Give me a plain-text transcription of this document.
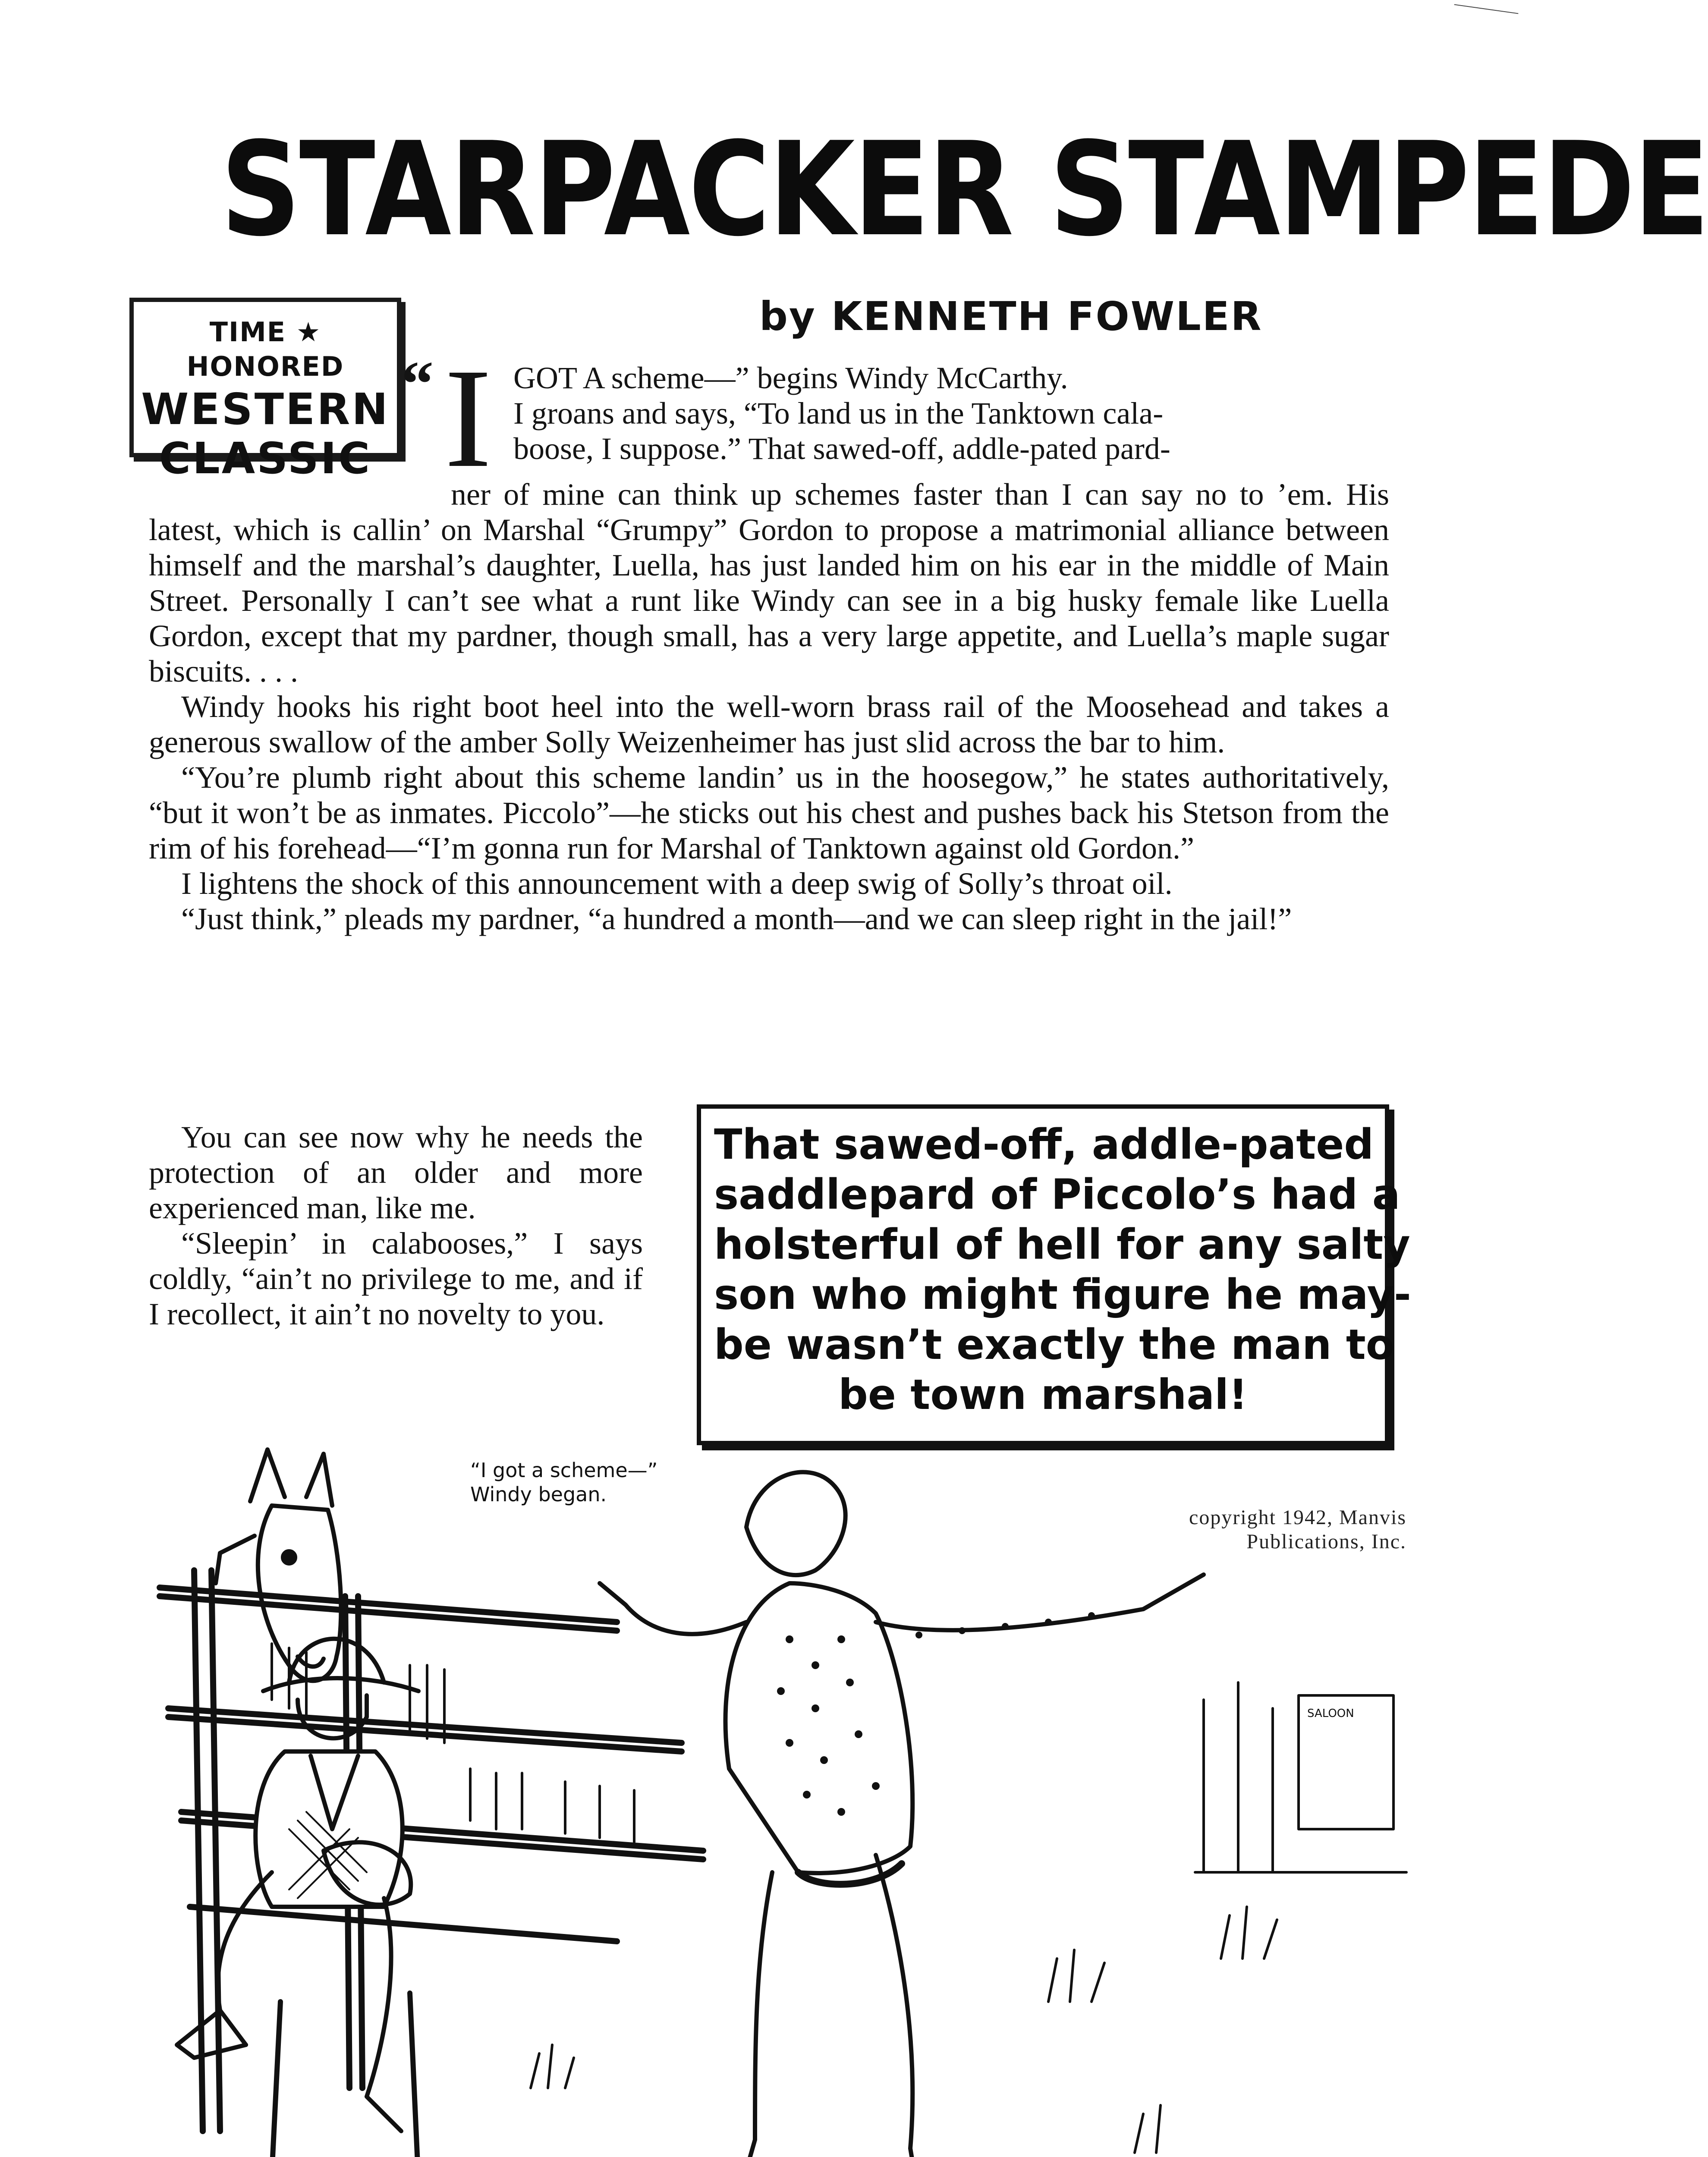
STARPACKER STAMPEDE
TIME ★ HONORED
WESTERN
CLASSIC
by KENNETH FOWLER
“ I GOT A scheme—” begins Windy McCarthy.

I groans and says, “To land us in the Tanktown cala-

boose, I suppose.” That sawed-off, addle-pated pard-

ner of mine can think up schemes faster than I can say no to ’em. His latest, which is callin’ on Marshal “Grumpy” Gordon to propose a matrimonial alliance between himself and the marshal’s daughter, Luella, has just landed him on his ear in the middle of Main Street. Personally I can’t see what a runt like Windy can see in a big husky female like Luella Gordon, except that my pardner, though small, has a very large appetite, and Luella’s maple sugar biscuits. . . .

Windy hooks his right boot heel into the well-worn brass rail of the Moosehead and takes a generous swallow of the amber Solly Weizenheimer has just slid across the bar to him.

“You’re plumb right about this scheme landin’ us in the hoosegow,” he states authoritatively, “but it won’t be as inmates. Piccolo”—he sticks out his chest and pushes back his Stetson from the rim of his forehead—“I’m gonna run for Marshal of Tanktown against old Gordon.”

I lightens the shock of this announcement with a deep swig of Solly’s throat oil.

“Just think,” pleads my pardner, “a hundred a month—and we can sleep right in the jail!”

You can see now why he needs the protection of an older and more experienced man, like me.

“Sleepin’ in calabooses,” I says coldly, “ain’t no privilege to me, and if I recollect, it ain’t no novelty to you.

That sawed-off, addle-pated
saddlepard of Piccolo’s had a
holsterful of hell for any salty
son who might figure he may-
be wasn’t exactly the man to
be town marshal!
SALOON
“I got a scheme—”
Windy began.
copyright 1942, Manvis
Publications, Inc.
